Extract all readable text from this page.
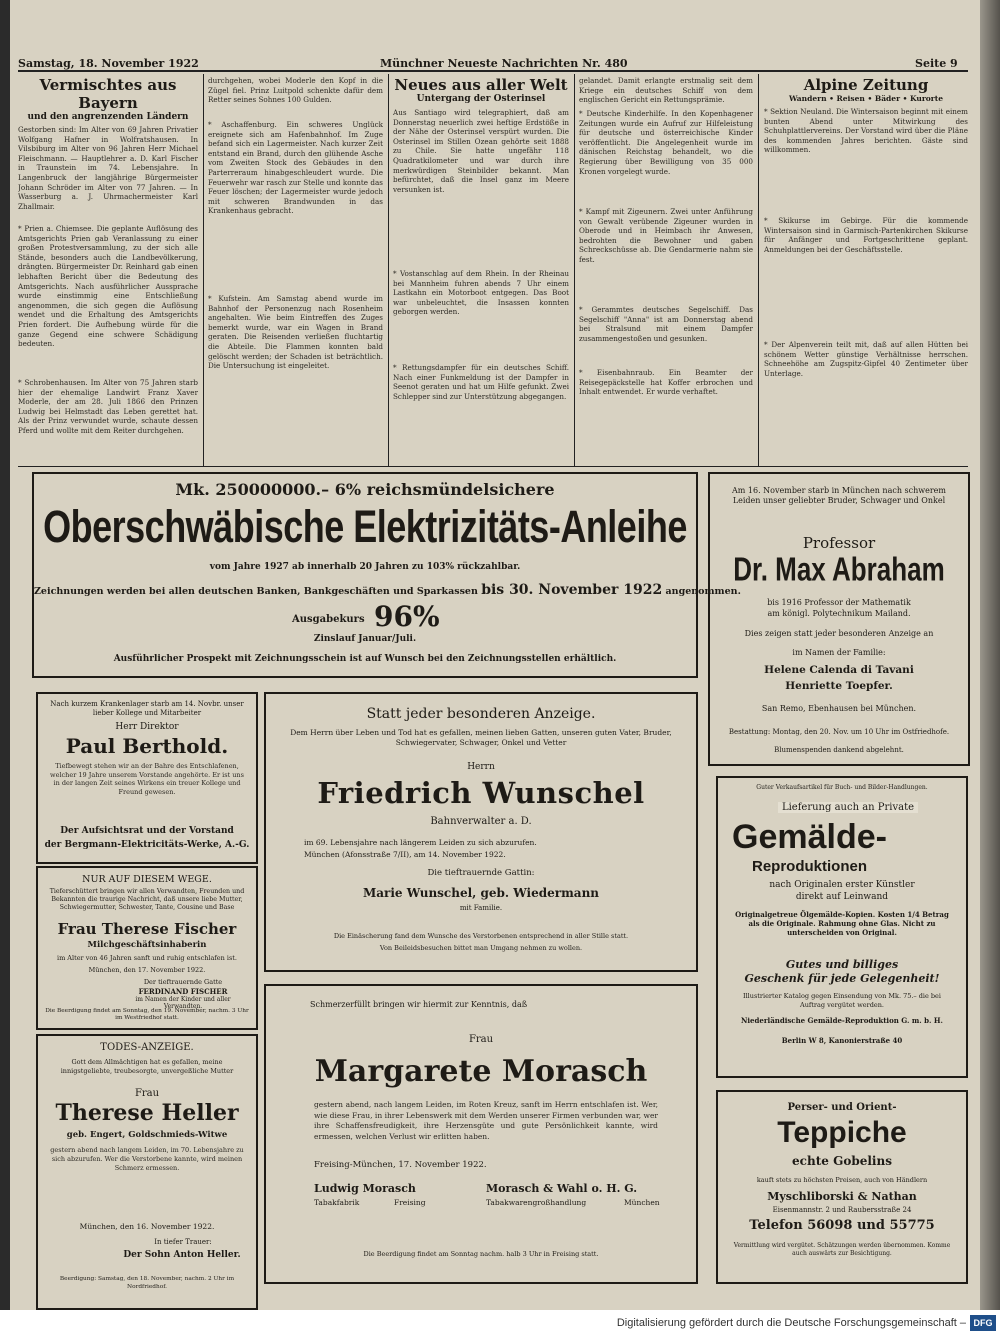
Samstag, 18. November 1922	Münchner Neueste Nachrichten Nr. 480	Seite 9
Vermischtes aus Bayern
und den angrenzenden Ländern
Gestorben sind: Im Alter von 69 Jahren Privatier Wolfgang Hafner in Wolfratshausen. In Vilsbiburg im Alter von 96 Jahren Herr Michael Fleischmann. — Hauptlehrer a. D. Karl Fischer in Traunstein im 74. Lebensjahre. In Langenbruck der langjährige Bürgermeister Johann Schröder im Alter von 77 Jahren. — In Wasserburg a. J. Uhrmachermeister Karl Zhallmair.
* Prien a. Chiemsee. Die geplante Auflösung des Amtsgerichts Prien gab Veranlassung zu einer großen Protestversammlung, zu der sich alle Stände, besonders auch die Landbevölkerung, drängten. Bürgermeister Dr. Reinhard gab einen lebhaften Bericht über die Bedeutung des Amtsgerichts. Nach ausführlicher Aussprache wurde einstimmig eine Entschließung angenommen, die sich gegen die Auflösung wendet und die Erhaltung des Amtsgerichts Prien fordert. Die Aufhebung würde für die ganze Gegend eine schwere Schädigung bedeuten.
* Schrobenhausen. Im Alter von 75 Jahren starb hier der ehemalige Landwirt Franz Xaver Moderle, der am 28. Juli 1866 den Prinzen Ludwig bei Helmstadt das Leben gerettet hat. Als der Prinz verwundet wurde, schaute dessen Pferd und wollte mit dem Reiter durchgehen.
durchgehen, wobei Moderle den Kopf in die Zügel fiel. Prinz Luitpold schenkte dafür dem Retter seines Sohnes 100 Gulden.
* Aschaffenburg. Ein schweres Unglück ereignete sich am Hafenbahnhof. Im Zuge befand sich ein Lagermeister. Nach kurzer Zeit entstand ein Brand, durch den glühende Asche vom Zweiten Stock des Gebäudes in den Parterreraum hinabgeschleudert wurde. Die Feuerwehr war rasch zur Stelle und konnte das Feuer löschen; der Lagermeister wurde jedoch mit schweren Brandwunden in das Krankenhaus gebracht.
* Kufstein. Am Samstag abend wurde im Bahnhof der Personenzug nach Rosenheim angehalten. Wie beim Eintreffen des Zuges bemerkt wurde, war ein Wagen in Brand geraten. Die Reisenden verließen fluchtartig die Abteile. Die Flammen konnten bald gelöscht werden; der Schaden ist beträchtlich. Die Untersuchung ist eingeleitet.
Neues aus aller Welt
Untergang der Osterinsel
Aus Santiago wird telegraphiert, daß am Donnerstag neuerlich zwei heftige Erdstöße in der Nähe der Osterinsel verspürt wurden. Die Osterinsel im Stillen Ozean gehörte seit 1888 zu Chile. Sie hatte ungefähr 118 Quadratkilometer und war durch ihre merkwürdigen Steinbilder bekannt. Man befürchtet, daß die Insel ganz im Meere versunken ist.
* Vostanschlag auf dem Rhein. In der Rheinau bei Mannheim fuhren abends 7 Uhr einem Lastkahn ein Motorboot entgegen. Das Boot war unbeleuchtet, die Insassen konnten geborgen werden.
* Rettungsdampfer für ein deutsches Schiff. Nach einer Funkmeldung ist der Dampfer in Seenot geraten und hat um Hilfe gefunkt. Zwei Schlepper sind zur Unterstützung abgegangen.
gelandet. Damit erlangte erstmalig seit dem Kriege ein deutsches Schiff von dem englischen Gericht ein Rettungsprämie.
* Deutsche Kinderhilfe. In den Kopenhagener Zeitungen wurde ein Aufruf zur Hilfeleistung für deutsche und österreichische Kinder veröffentlicht. Die Angelegenheit wurde im dänischen Reichstag behandelt, wo die Regierung über Bewilligung von 35 000 Kronen vorgelegt wurde.
* Kampf mit Zigeunern. Zwei unter Anführung von Gewalt verübende Zigeuner wurden in Oberode und in Heimbach ihr Anwesen, bedrohten die Bewohner und gaben Schreckschüsse ab. Die Gendarmerie nahm sie fest.
* Gerammtes deutsches Segelschiff. Das Segelschiff "Anna" ist am Donnerstag abend bei Stralsund mit einem Dampfer zusammengestoßen und gesunken.
* Eisenbahnraub. Ein Beamter der Reisegepäckstelle hat Koffer erbrochen und Inhalt entwendet. Er wurde verhaftet.
Alpine Zeitung
Wandern • Reisen • Bäder • Kurorte
* Sektion Neuland. Die Wintersaison beginnt mit einem bunten Abend unter Mitwirkung des Schuhplattlervereins. Der Vorstand wird über die Pläne des kommenden Jahres berichten. Gäste sind willkommen.
* Skikurse im Gebirge. Für die kommende Wintersaison sind in Garmisch-Partenkirchen Skikurse für Anfänger und Fortgeschrittene geplant. Anmeldungen bei der Geschäftsstelle.
* Der Alpenverein teilt mit, daß auf allen Hütten bei schönem Wetter günstige Verhältnisse herrschen. Schneehöhe am Zugspitz-Gipfel 40 Zentimeter über Unterlage.
Mk. 250000000.– 6% reichsmündelsichere
Oberschwäbische Elektrizitäts-Anleihe
vom Jahre 1927 ab innerhalb 20 Jahren zu 103% rückzahlbar.
Zeichnungen werden bei allen deutschen Banken, Bankgeschäften und Sparkassen bis 30. November 1922 angenommen.
Ausgabekurs 96%
Zinslauf Januar/Juli.
Ausführlicher Prospekt mit Zeichnungsschein ist auf Wunsch bei den Zeichnungsstellen erhältlich.
Am 16. November starb in München nach schwerem Leiden unser geliebter Bruder, Schwager und Onkel
Professor
Dr. Max Abraham
bis 1916 Professor der Mathematik
am königl. Polytechnikum Mailand.
Dies zeigen statt jeder besonderen Anzeige an
im Namen der Familie:
Helene Calenda di Tavani
Henriette Toepfer.
San Remo, Ebenhausen bei München.
Bestattung: Montag, den 20. Nov. um 10 Uhr im Ostfriedhofe.
Blumenspenden dankend abgelehnt.
Nach kurzem Krankenlager starb am 14. Novbr. unser lieber Kollege und Mitarbeiter
Herr Direktor
Paul Berthold.
Tiefbewegt stehen wir an der Bahre des Entschlafenen, welcher 19 Jahre unserem Vorstande angehörte. Er ist uns in der langen Zeit seines Wirkens ein treuer Kollege und Freund gewesen.
Der Aufsichtsrat und der Vorstand
der Bergmann-Elektricitäts-Werke, A.-G.
NUR AUF DIESEM WEGE.
Tieferschüttert bringen wir allen Verwandten, Freunden und Bekannten die traurige Nachricht, daß unsere liebe Mutter, Schwiegermutter, Schwester, Tante, Cousine und Base
Frau Therese Fischer
Milchgeschäftsinhaberin
im Alter von 46 Jahren sanft und ruhig entschlafen ist.
München, den 17. November 1922.
Der tieftrauernde Gatte
FERDINAND FISCHER
im Namen der Kinder und aller Verwandten.
Die Beerdigung findet am Sonntag, den 19. November, nachm. 3 Uhr im Westfriedhof statt.
TODES-ANZEIGE.
Gott dem Allmächtigen hat es gefallen, meine innigstgeliebte, treubesorgte, unvergeßliche Mutter
Frau
Therese Heller
geb. Engert, Goldschmieds-Witwe
gestern abend nach langem Leiden, im 70. Lebensjahre zu sich abzurufen. Wer die Verstorbene kannte, wird meinen Schmerz ermessen.
München, den 16. November 1922.
In tiefer Trauer:
Der Sohn Anton Heller.
Beerdigung: Samstag, den 18. November, nachm. 2 Uhr im Nordfriedhof.
Statt jeder besonderen Anzeige.
Dem Herrn über Leben und Tod hat es gefallen, meinen lieben Gatten, unseren guten Vater, Bruder, Schwiegervater, Schwager, Onkel und Vetter
Herrn
Friedrich Wunschel
Bahnverwalter a. D.
im 69. Lebensjahre nach längerem Leiden zu sich abzurufen.
München (Afonsstraße 7/II), am 14. November 1922.
Die tieftrauernde Gattin:
Marie Wunschel, geb. Wiedermann
mit Familie.
Die Einäscherung fand dem Wunsche des Verstorbenen entsprechend in aller Stille statt.
Von Beileidsbesuchen bittet man Umgang nehmen zu wollen.
Schmerzerfüllt bringen wir hiermit zur Kenntnis, daß
Frau
Margarete Morasch
gestern abend, nach langem Leiden, im Roten Kreuz, sanft im Herrn entschlafen ist. Wer, wie diese Frau, in ihrer Lebenswerk mit dem Werden unserer Firmen verbunden war, wer ihre Schaffensfreudigkeit, ihre Herzensgüte und gute Persönlichkeit kannte, wird ermessen, welchen Verlust wir erlitten haben.
Freising-München, 17. November 1922.
Ludwig Morasch
Tabakfabrik	Freising
Morasch & Wahl o. H. G.
Tabakwarengroßhandlung	München
Die Beerdigung findet am Sonntag nachm. halb 3 Uhr in Freising statt.
Guter Verkaufsartikel für Buch- und Bilder-Handlungen.
Lieferung auch an Private
Gemälde-
Reproduktionen
nach Originalen erster Künstler
direkt auf Leinwand
Originalgetreue Ölgemälde-Kopien. Kosten 1/4 Betrag als die Originale. Rahmung ohne Glas. Nicht zu unterscheiden von Original.
Gutes und billiges
Geschenk für jede Gelegenheit!
Illustrierter Katalog gegen Einsendung von Mk. 75.– die bei Auftrag vergütet werden.
Niederländische Gemälde-Reproduktion G. m. b. H.
Berlin W 8, Kanonierstraße 40
Perser- und Orient-
Teppiche
echte Gobelins
kauft stets zu höchsten Preisen, auch von Händlern
Myschliborski & Nathan
Eisenmannstr. 2 und Raubersstraße 24
Telefon 56098 und 55775
Vermittlung wird vergütet. Schätzungen werden übernommen. Komme auch auswärts zur Besichtigung.
Digitalisierung gefördert durch die Deutsche Forschungsgemeinschaft – DFG
